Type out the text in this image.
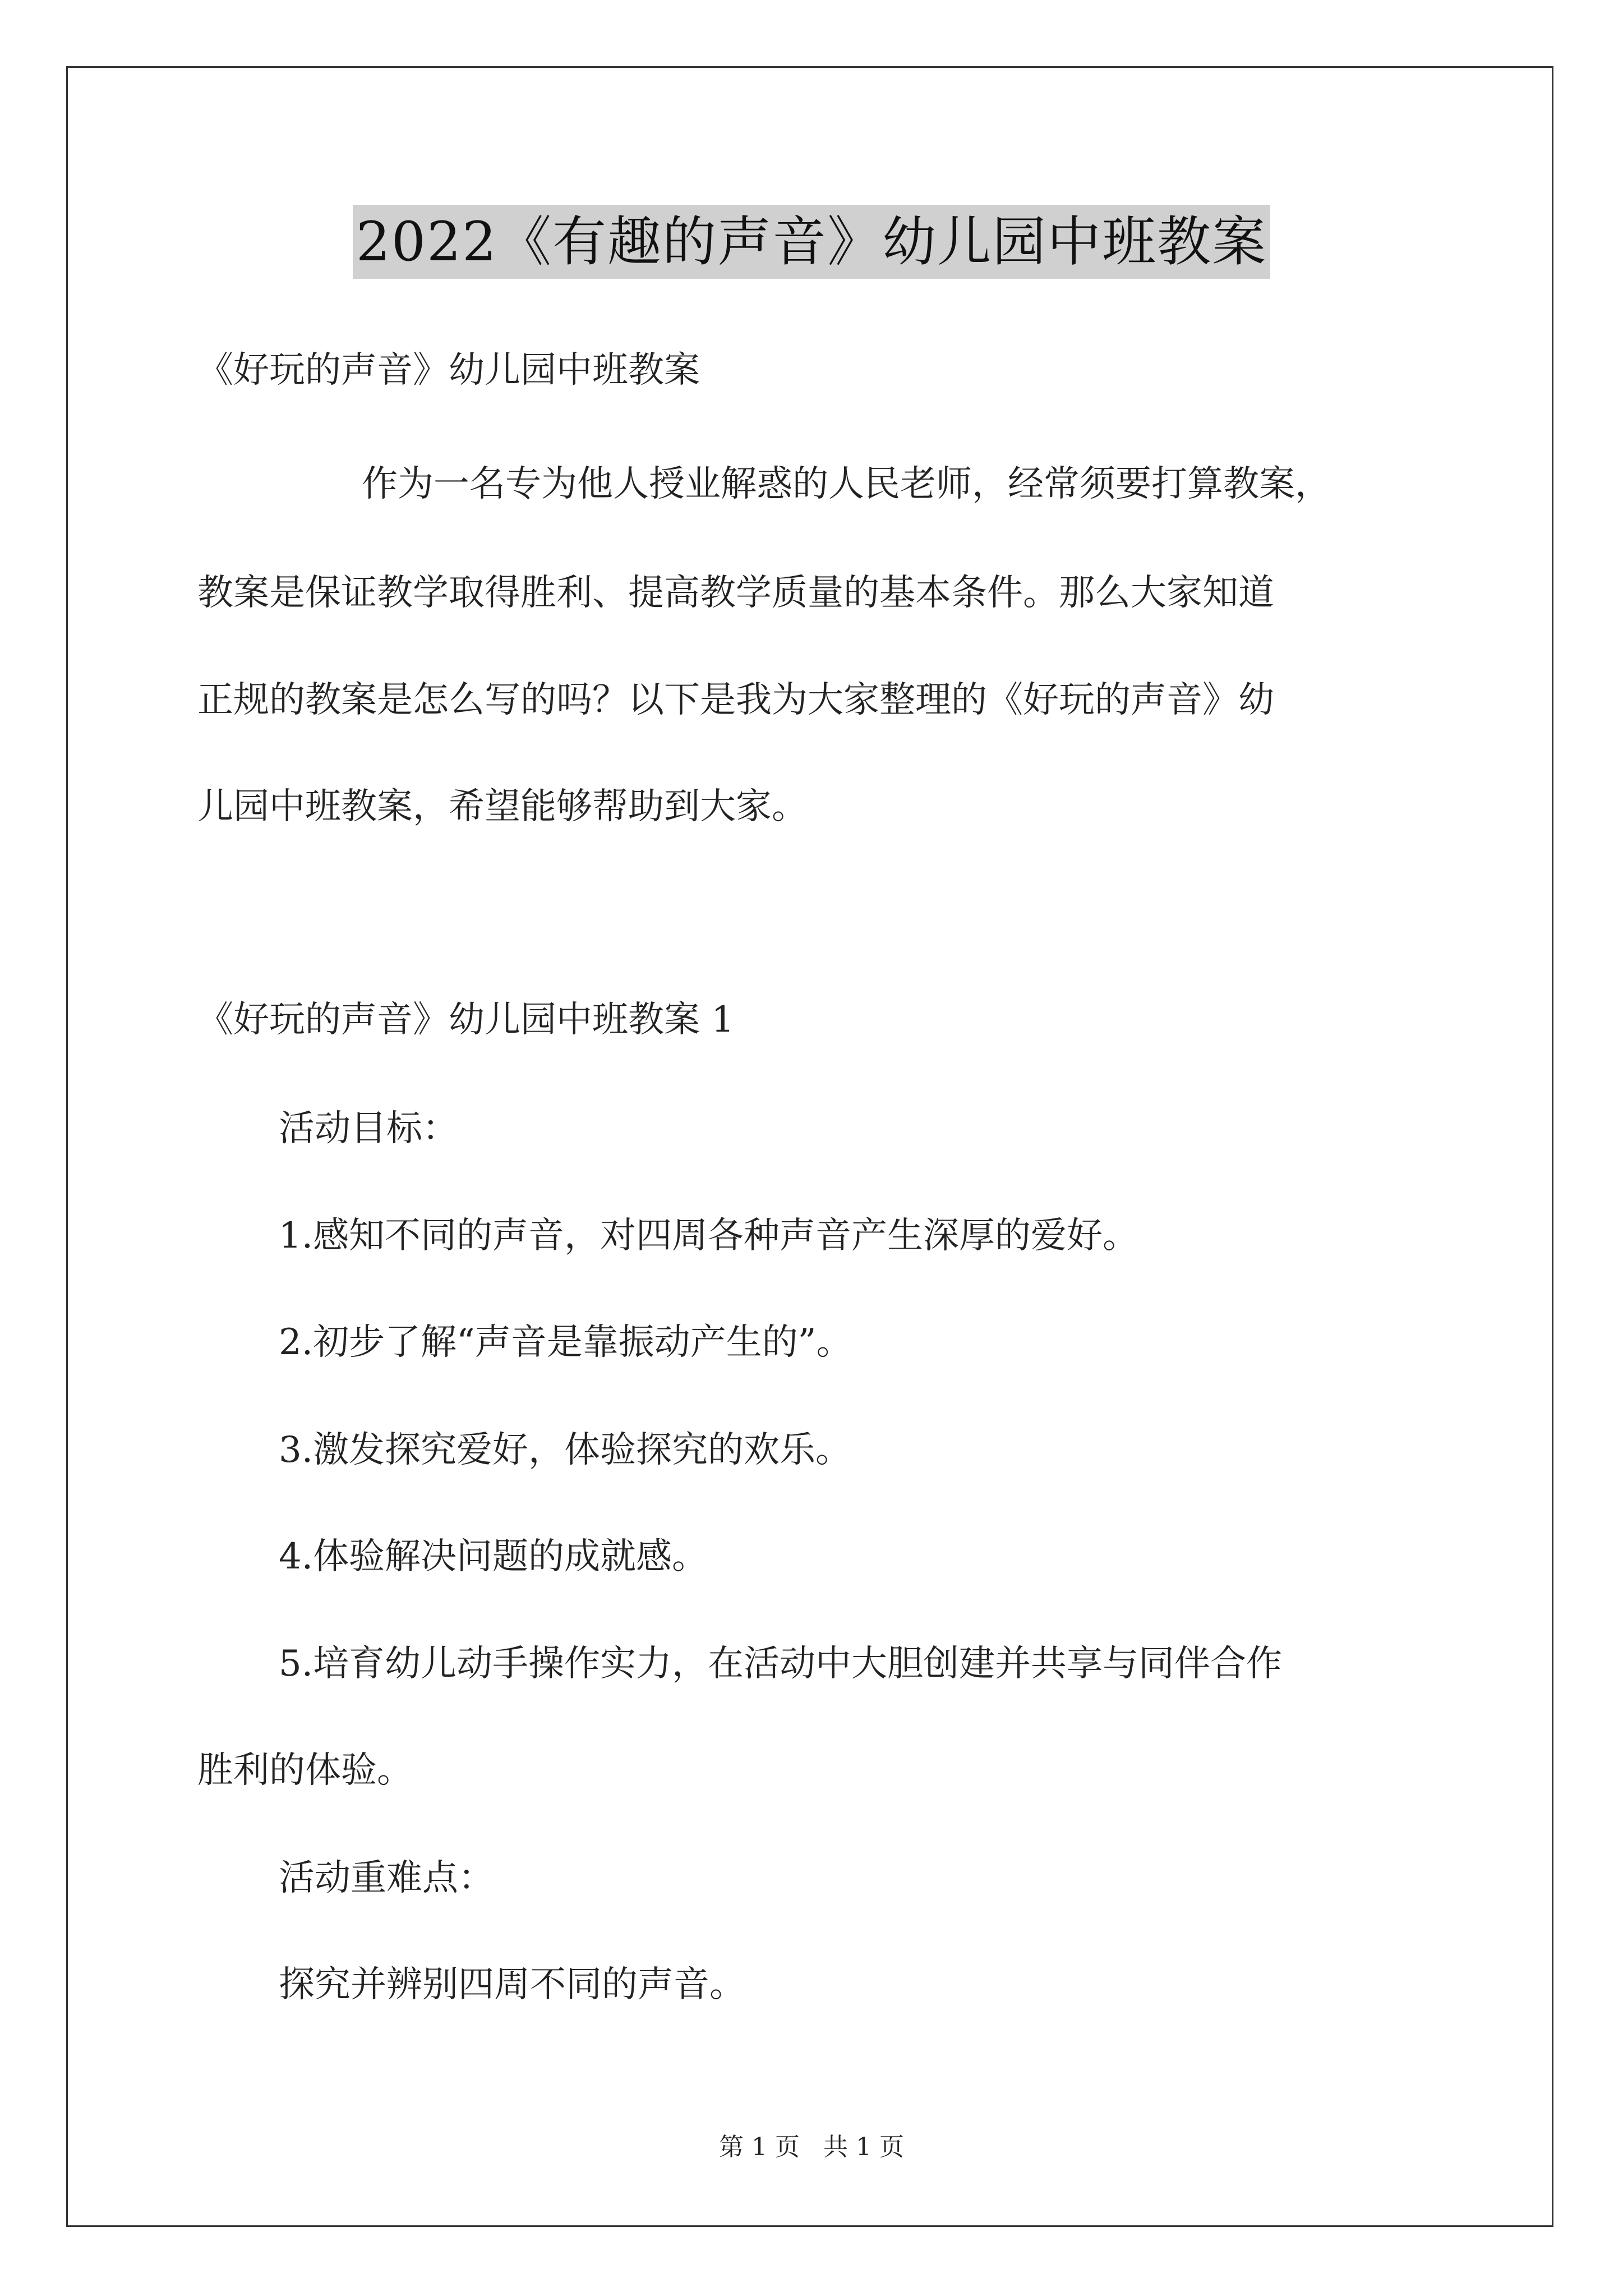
2022《有趣的声音》幼儿园中班教案
《好玩的声音》幼儿园中班教案
作为一名专为他人授业解惑的人民老师，经常须要打算教案，
教案是保证教学取得胜利、提高教学质量的基本条件。那么大家知道
正规的教案是怎么写的吗？以下是我为大家整理的《好玩的声音》幼
儿园中班教案，希望能够帮助到大家。
《好玩的声音》幼儿园中班教案 1
活动目标：
1.感知不同的声音，对四周各种声音产生深厚的爱好。
2.初步了解“声音是靠振动产生的”。
3.激发探究爱好，体验探究的欢乐。
4.体验解决问题的成就感。
5.培育幼儿动手操作实力，在活动中大胆创建并共享与同伴合作
胜利的体验。
活动重难点：
探究并辨别四周不同的声音。
第 1 页   共 1 页
